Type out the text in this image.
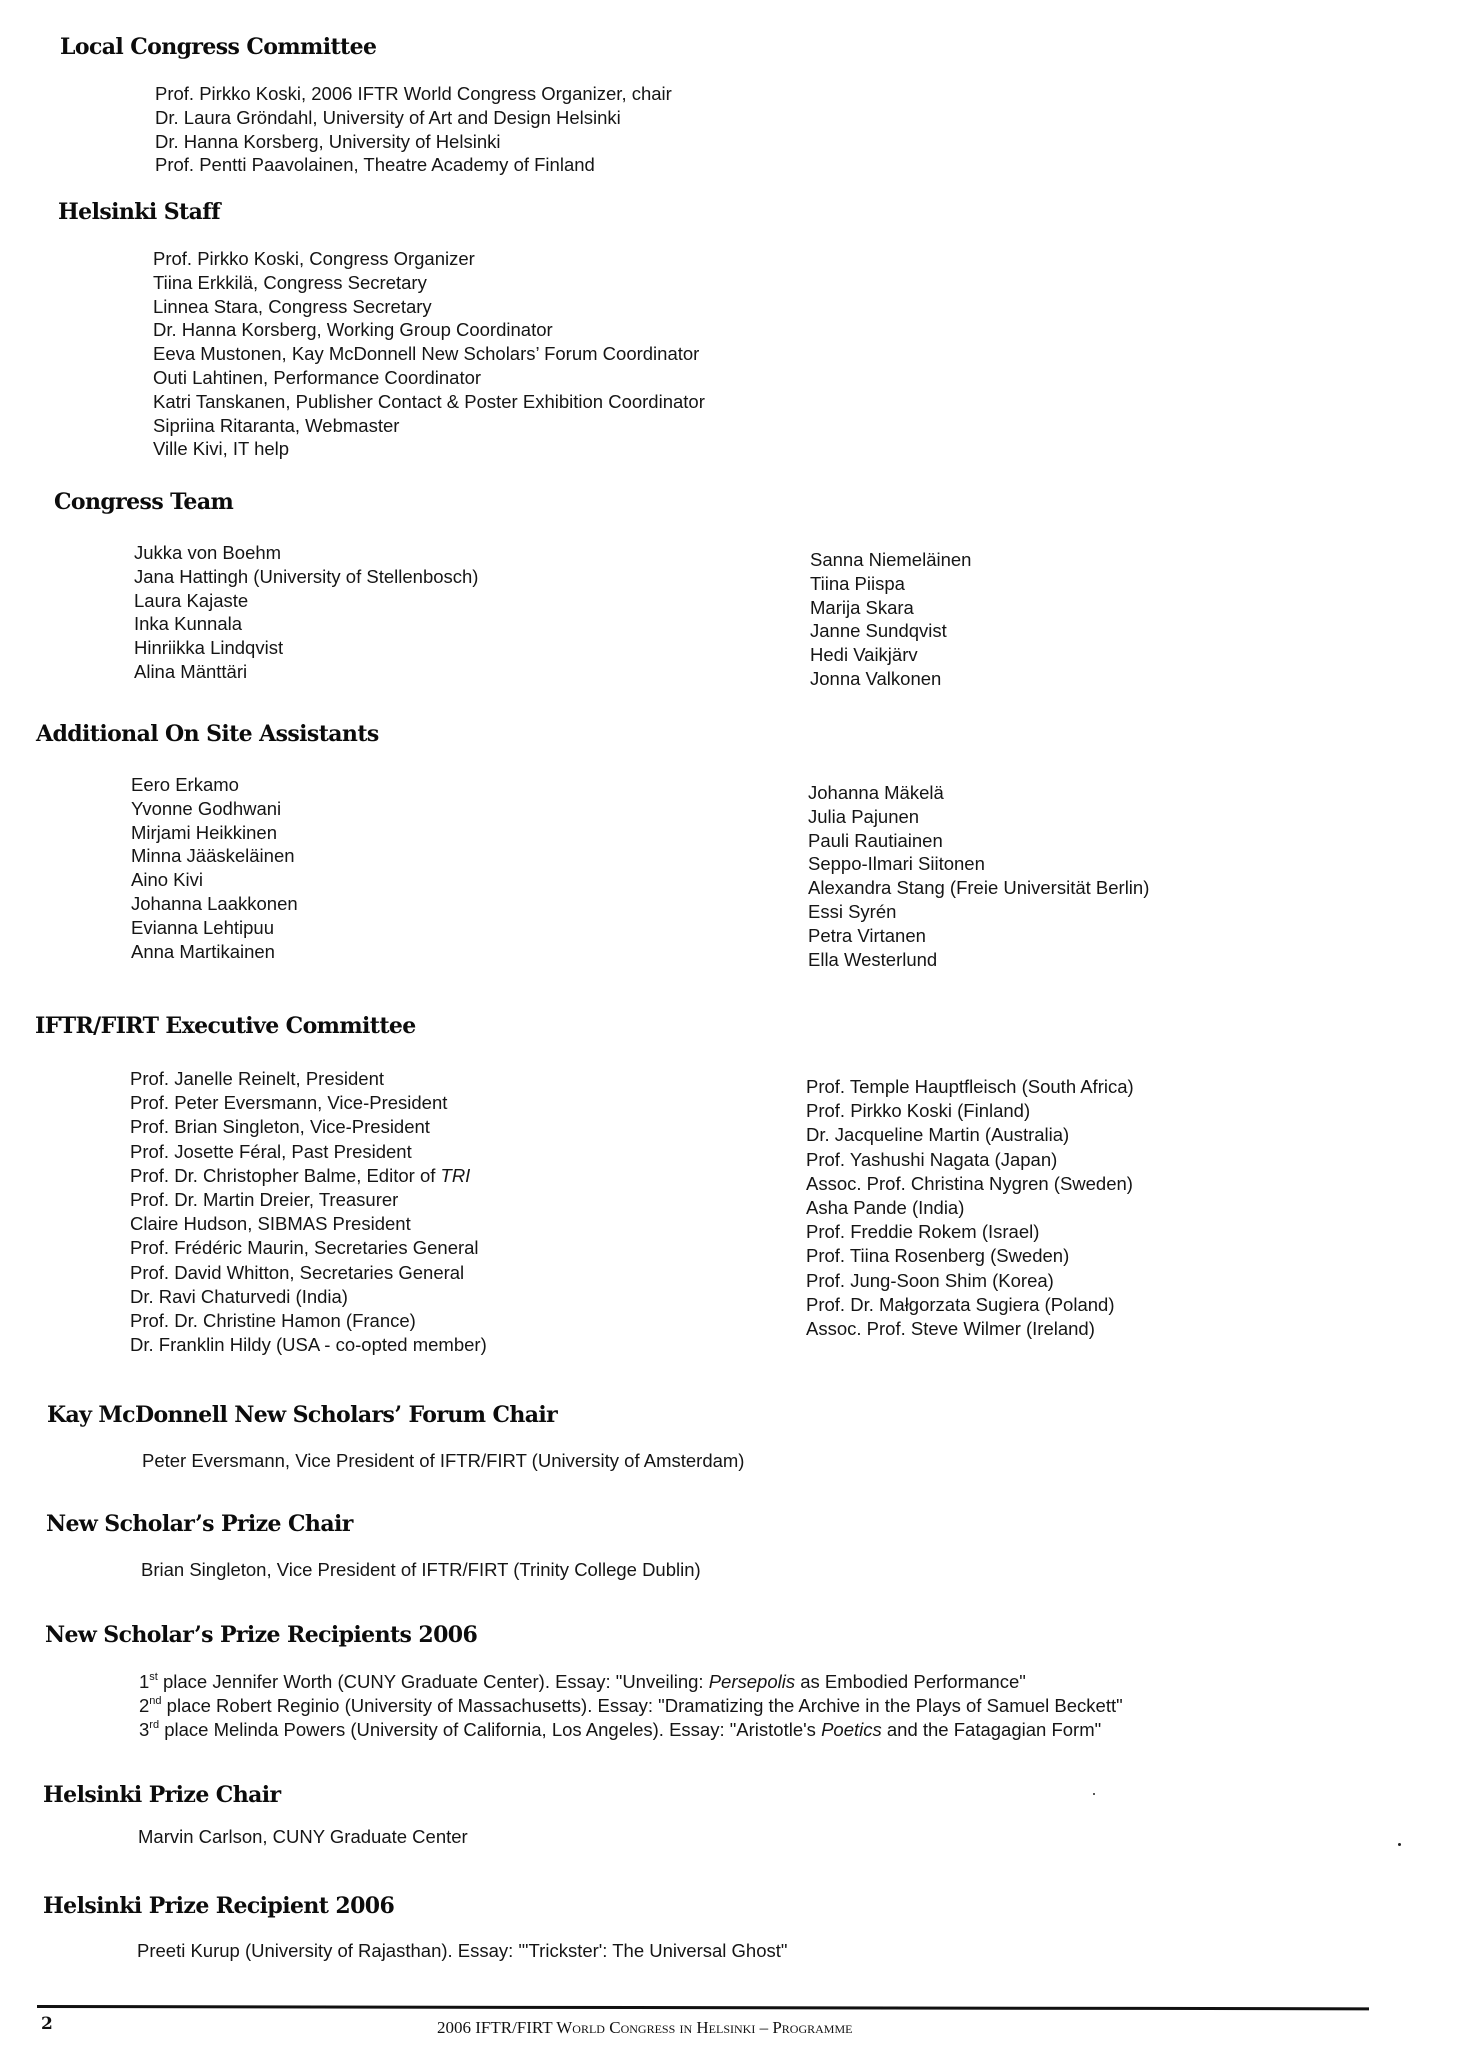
Local Congress Committee
Prof. Pirkko Koski, 2006 IFTR World Congress Organizer, chair
Dr. Laura Gröndahl, University of Art and Design Helsinki
Dr. Hanna Korsberg, University of Helsinki
Prof. Pentti Paavolainen, Theatre Academy of Finland
Helsinki Staff
Prof. Pirkko Koski, Congress Organizer
Tiina Erkkilä, Congress Secretary
Linnea Stara, Congress Secretary
Dr. Hanna Korsberg, Working Group Coordinator
Eeva Mustonen, Kay McDonnell New Scholars’ Forum Coordinator
Outi Lahtinen, Performance Coordinator
Katri Tanskanen, Publisher Contact & Poster Exhibition Coordinator
Sipriina Ritaranta, Webmaster
Ville Kivi, IT help
Congress Team
Jukka von Boehm
Jana Hattingh (University of Stellenbosch)
Laura Kajaste
Inka Kunnala
Hinriikka Lindqvist
Alina Mänttäri
Sanna Niemeläinen
Tiina Piispa
Marija Skara
Janne Sundqvist
Hedi Vaikjärv
Jonna Valkonen
Additional On Site Assistants
Eero Erkamo
Yvonne Godhwani
Mirjami Heikkinen
Minna Jääskeläinen
Aino Kivi
Johanna Laakkonen
Evianna Lehtipuu
Anna Martikainen
Johanna Mäkelä
Julia Pajunen
Pauli Rautiainen
Seppo-Ilmari Siitonen
Alexandra Stang (Freie Universität Berlin)
Essi Syrén
Petra Virtanen
Ella Westerlund
IFTR/FIRT Executive Committee
Prof. Janelle Reinelt, President
Prof. Peter Eversmann, Vice-President
Prof. Brian Singleton, Vice-President
Prof. Josette Féral, Past President
Prof. Dr. Christopher Balme, Editor of TRI
Prof. Dr. Martin Dreier, Treasurer
Claire Hudson, SIBMAS President
Prof. Frédéric Maurin, Secretaries General
Prof. David Whitton, Secretaries General
Dr. Ravi Chaturvedi (India)
Prof. Dr. Christine Hamon (France)
Dr. Franklin Hildy (USA - co-opted member)
Prof. Temple Hauptfleisch (South Africa)
Prof. Pirkko Koski (Finland)
Dr. Jacqueline Martin (Australia)
Prof. Yashushi Nagata (Japan)
Assoc. Prof. Christina Nygren (Sweden)
Asha Pande (India)
Prof. Freddie Rokem (Israel)
Prof. Tiina Rosenberg (Sweden)
Prof. Jung-Soon Shim (Korea)
Prof. Dr. Małgorzata Sugiera (Poland)
Assoc. Prof. Steve Wilmer (Ireland)
Kay McDonnell New Scholars’ Forum Chair
Peter Eversmann, Vice President of IFTR/FIRT (University of Amsterdam)
New Scholar’s Prize Chair
Brian Singleton, Vice President of IFTR/FIRT (Trinity College Dublin)
New Scholar’s Prize Recipients 2006
1st place Jennifer Worth (CUNY Graduate Center). Essay: "Unveiling: Persepolis as Embodied Performance"
2nd place Robert Reginio (University of Massachusetts). Essay: "Dramatizing the Archive in the Plays of Samuel Beckett"
3rd place Melinda Powers (University of California, Los Angeles). Essay: "Aristotle's Poetics and the Fatagagian Form"
Helsinki Prize Chair
Marvin Carlson, CUNY Graduate Center
Helsinki Prize Recipient 2006
Preeti Kurup (University of Rajasthan). Essay: "'Trickster': The Universal Ghost"
2	2006 IFTR/FIRT World Congress in Helsinki – Programme
